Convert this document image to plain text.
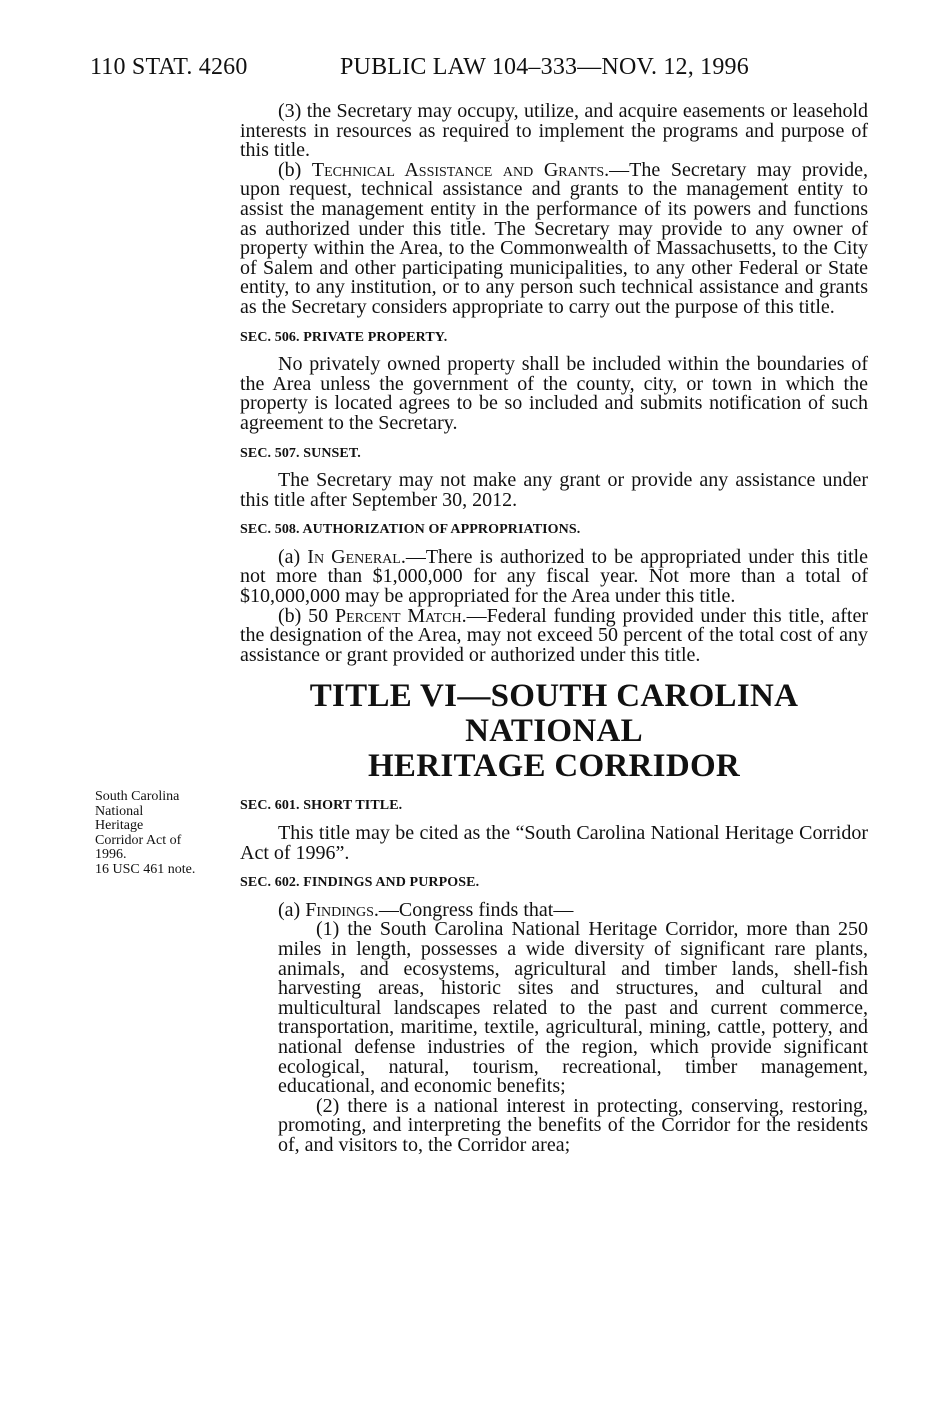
110 STAT. 4260	PUBLIC LAW 104–333—NOV. 12, 1996
South Carolina
National
Heritage
Corridor Act of
1996.
16 USC 461 note.

(3) the Secretary may occupy, utilize, and acquire easements or leasehold interests in resources as required to implement the programs and purpose of this title.

(b) Technical Assistance and Grants.—The Secretary may provide, upon request, technical assistance and grants to the management entity to assist the management entity in the performance of its powers and functions as authorized under this title. The Secretary may provide to any owner of property within the Area, to the Commonwealth of Massachusetts, to the City of Salem and other participating municipalities, to any other Federal or State entity, to any institution, or to any person such technical assistance and grants as the Secretary considers appropriate to carry out the purpose of this title.

SEC. 506. PRIVATE PROPERTY.

No privately owned property shall be included within the boundaries of the Area unless the government of the county, city, or town in which the property is located agrees to be so included and submits notification of such agreement to the Secretary.

SEC. 507. SUNSET.

The Secretary may not make any grant or provide any assistance under this title after September 30, 2012.

SEC. 508. AUTHORIZATION OF APPROPRIATIONS.

(a) In General.—There is authorized to be appropriated under this title not more than $1,000,000 for any fiscal year. Not more than a total of $10,000,000 may be appropriated for the Area under this title.

(b) 50 Percent Match.—Federal funding provided under this title, after the designation of the Area, may not exceed 50 percent of the total cost of any assistance or grant provided or authorized under this title.

TITLE VI—SOUTH CAROLINA NATIONAL
HERITAGE CORRIDOR

SEC. 601. SHORT TITLE.

This title may be cited as the “South Carolina National Heritage Corridor Act of 1996”.

SEC. 602. FINDINGS AND PURPOSE.

(a) Findings.—Congress finds that—

(1) the South Carolina National Heritage Corridor, more than 250 miles in length, possesses a wide diversity of significant rare plants, animals, and ecosystems, agricultural and timber lands, shell-fish harvesting areas, historic sites and structures, and cultural and multicultural landscapes related to the past and current commerce, transportation, maritime, textile, agricultural, mining, cattle, pottery, and national defense industries of the region, which provide significant ecological, natural, tourism, recreational, timber management, educational, and economic benefits;

(2) there is a national interest in protecting, conserving, restoring, promoting, and interpreting the benefits of the Corridor for the residents of, and visitors to, the Corridor area;
